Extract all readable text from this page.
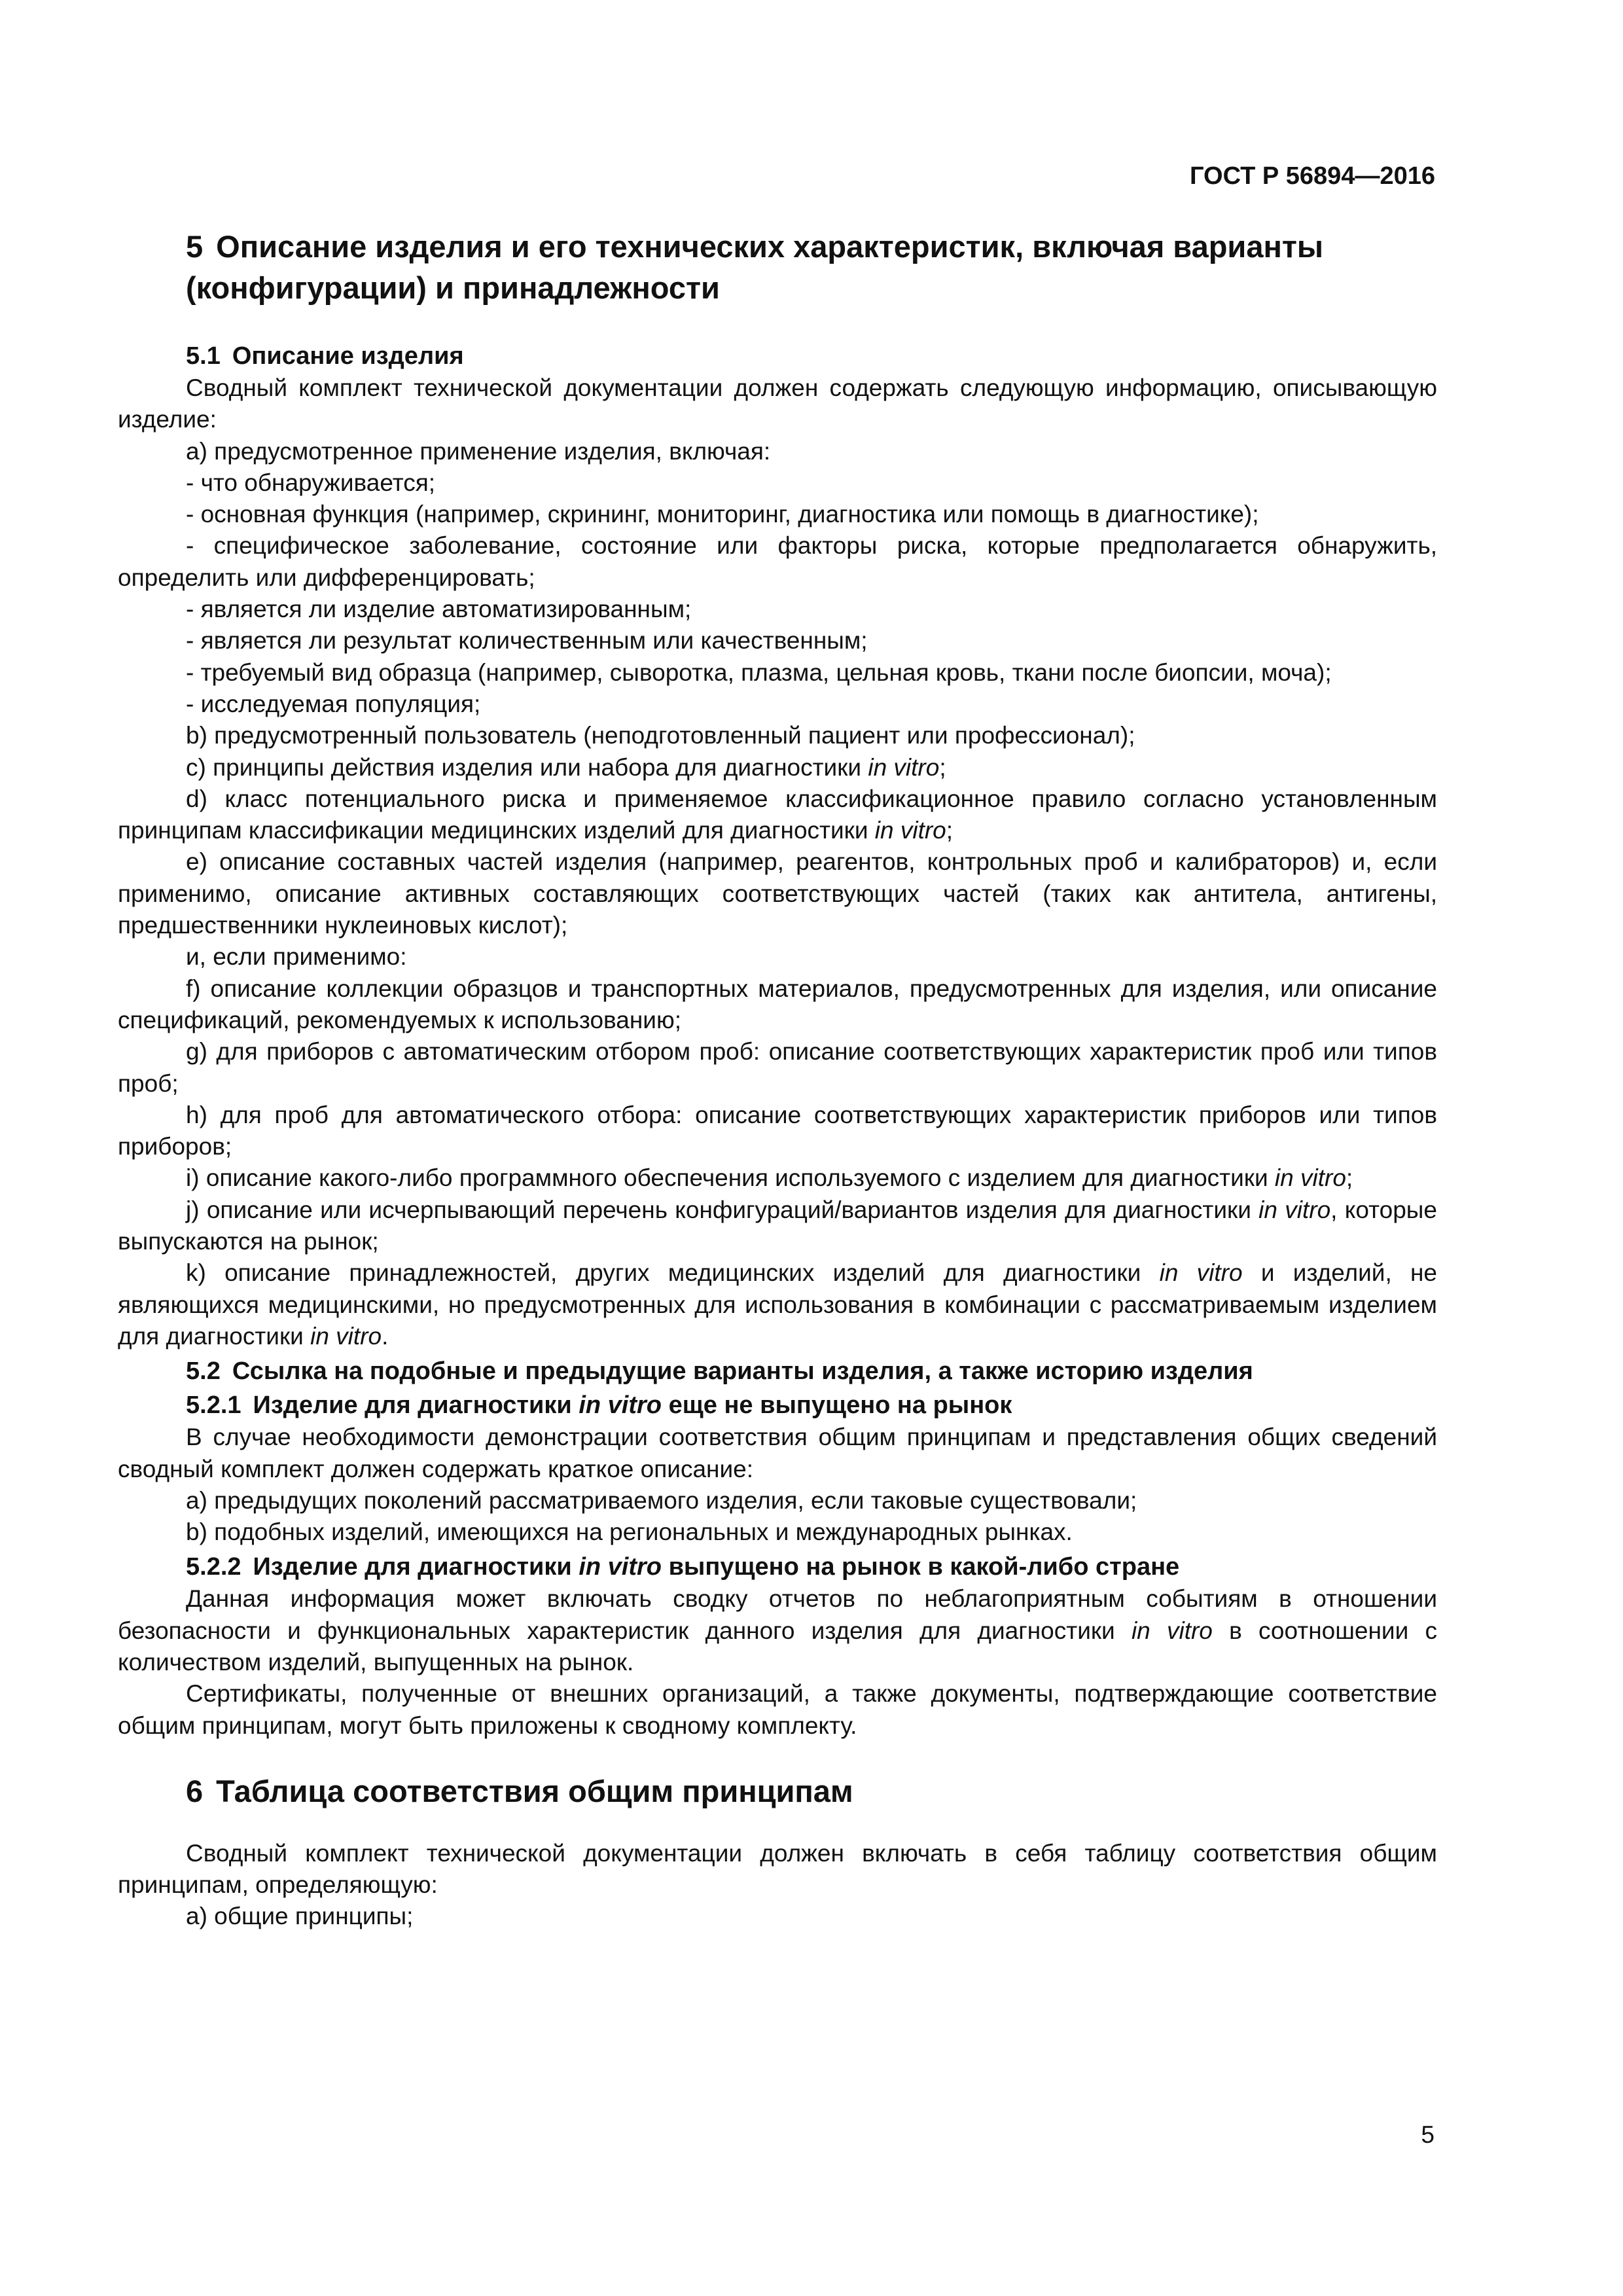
ГОСТ Р 56894—2016
5 Описание изделия и его технических характеристик, включая варианты (конфигурации) и принадлежности
5.1 Описание изделия

Сводный комплект технической документации должен содержать следующую информацию, описывающую изделие:

а) предусмотренное применение изделия, включая:

- что обнаруживается;

- основная функция (например, скрининг, мониторинг, диагностика или помощь в диагностике);

- специфическое заболевание, состояние или факторы риска, которые предполагается обнаружить, определить или дифференцировать;

- является ли изделие автоматизированным;

- является ли результат количественным или качественным;

- требуемый вид образца (например, сыворотка, плазма, цельная кровь, ткани после биопсии, моча);

- исследуемая популяция;

b) предусмотренный пользователь (неподготовленный пациент или профессионал);

c) принципы действия изделия или набора для диагностики in vitro;

d) класс потенциального риска и применяемое классификационное правило согласно установленным принципам классификации медицинских изделий для диагностики in vitro;

е) описание составных частей изделия (например, реагентов, контрольных проб и калибраторов) и, если применимо, описание активных составляющих соответствующих частей (таких как антитела, антигены, предшественники нуклеиновых кислот);

и, если применимо:

f) описание коллекции образцов и транспортных материалов, предусмотренных для изделия, или описание спецификаций, рекомендуемых к использованию;

g) для приборов с автоматическим отбором проб: описание соответствующих характеристик проб или типов проб;

h) для проб для автоматического отбора: описание соответствующих характеристик приборов или типов приборов;

i) описание какого-либо программного обеспечения используемого с изделием для диагностики in vitro;

j) описание или исчерпывающий перечень конфигураций/вариантов изделия для диагностики in vitro, которые выпускаются на рынок;

k) описание принадлежностей, других медицинских изделий для диагностики in vitro и изделий, не являющихся медицинскими, но предусмотренных для использования в комбинации с рассматриваемым изделием для диагностики in vitro.

5.2 Ссылка на подобные и предыдущие варианты изделия, а также историю изделия
5.2.1 Изделие для диагностики in vitro еще не выпущено на рынок

В случае необходимости демонстрации соответствия общим принципам и представления общих сведений сводный комплект должен содержать краткое описание:

а) предыдущих поколений рассматриваемого изделия, если таковые существовали;

b) подобных изделий, имеющихся на региональных и международных рынках.

5.2.2 Изделие для диагностики in vitro выпущено на рынок в какой-либо стране

Данная информация может включать сводку отчетов по неблагоприятным событиям в отношении безопасности и функциональных характеристик данного изделия для диагностики in vitro в соотношении с количеством изделий, выпущенных на рынок.

Сертификаты, полученные от внешних организаций, а также документы, подтверждающие соответствие общим принципам, могут быть приложены к сводному комплекту.

6 Таблица соответствия общим принципам

Сводный комплект технической документации должен включать в себя таблицу соответствия общим принципам, определяющую:

а) общие принципы;

5
